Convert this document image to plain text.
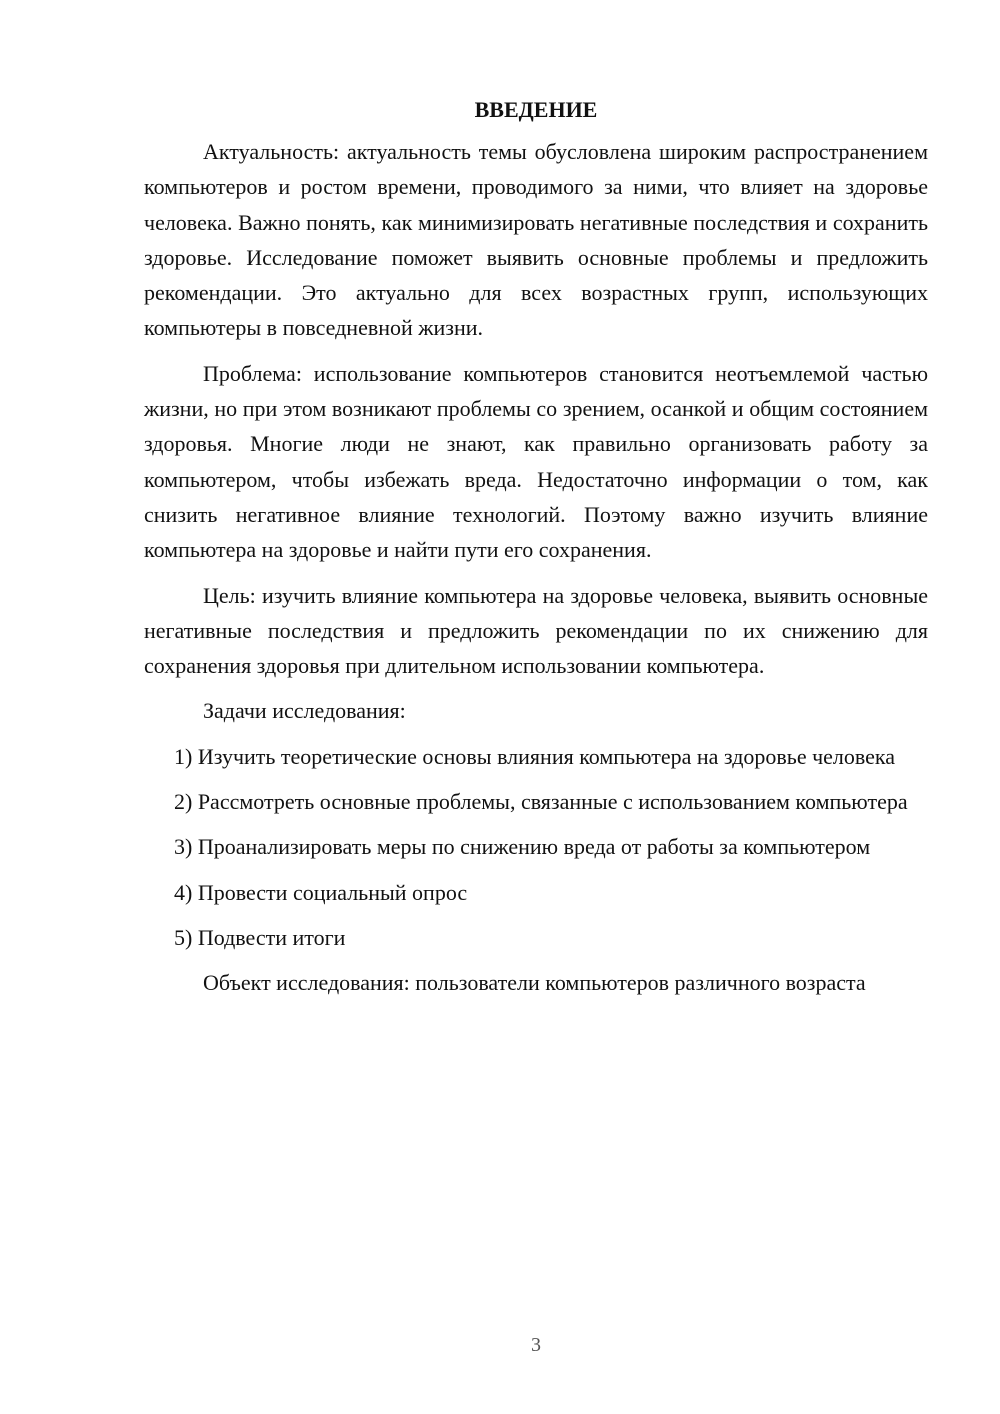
ВВЕДЕНИЕ

Актуальность: актуальность темы обусловлена широким распространением компьютеров и ростом времени, проводимого за ними, что влияет на здоровье человека. Важно понять, как минимизировать негативные последствия и сохранить здоровье. Исследование поможет выявить основные проблемы и предложить рекомендации. Это актуально для всех возрастных групп, использующих компьютеры в повседневной жизни.

Проблема: использование компьютеров становится неотъемлемой частью жизни, но при этом возникают проблемы со зрением, осанкой и общим состоянием здоровья. Многие люди не знают, как правильно организовать работу за компьютером, чтобы избежать вреда. Недостаточно информации о том, как снизить негативное влияние технологий. Поэтому важно изучить влияние компьютера на здоровье и найти пути его сохранения.

Цель: изучить влияние компьютера на здоровье человека, выявить основные негативные последствия и предложить рекомендации по их снижению для сохранения здоровья при длительном использовании компьютера.

Задачи исследования:

1) Изучить теоретические основы влияния компьютера на здоровье человека

2) Рассмотреть основные проблемы, связанные с использованием компьютера

3) Проанализировать меры по снижению вреда от работы за компьютером

4) Провести социальный опрос

5) Подвести итоги

Объект исследования: пользователи компьютеров различного возраста

3
